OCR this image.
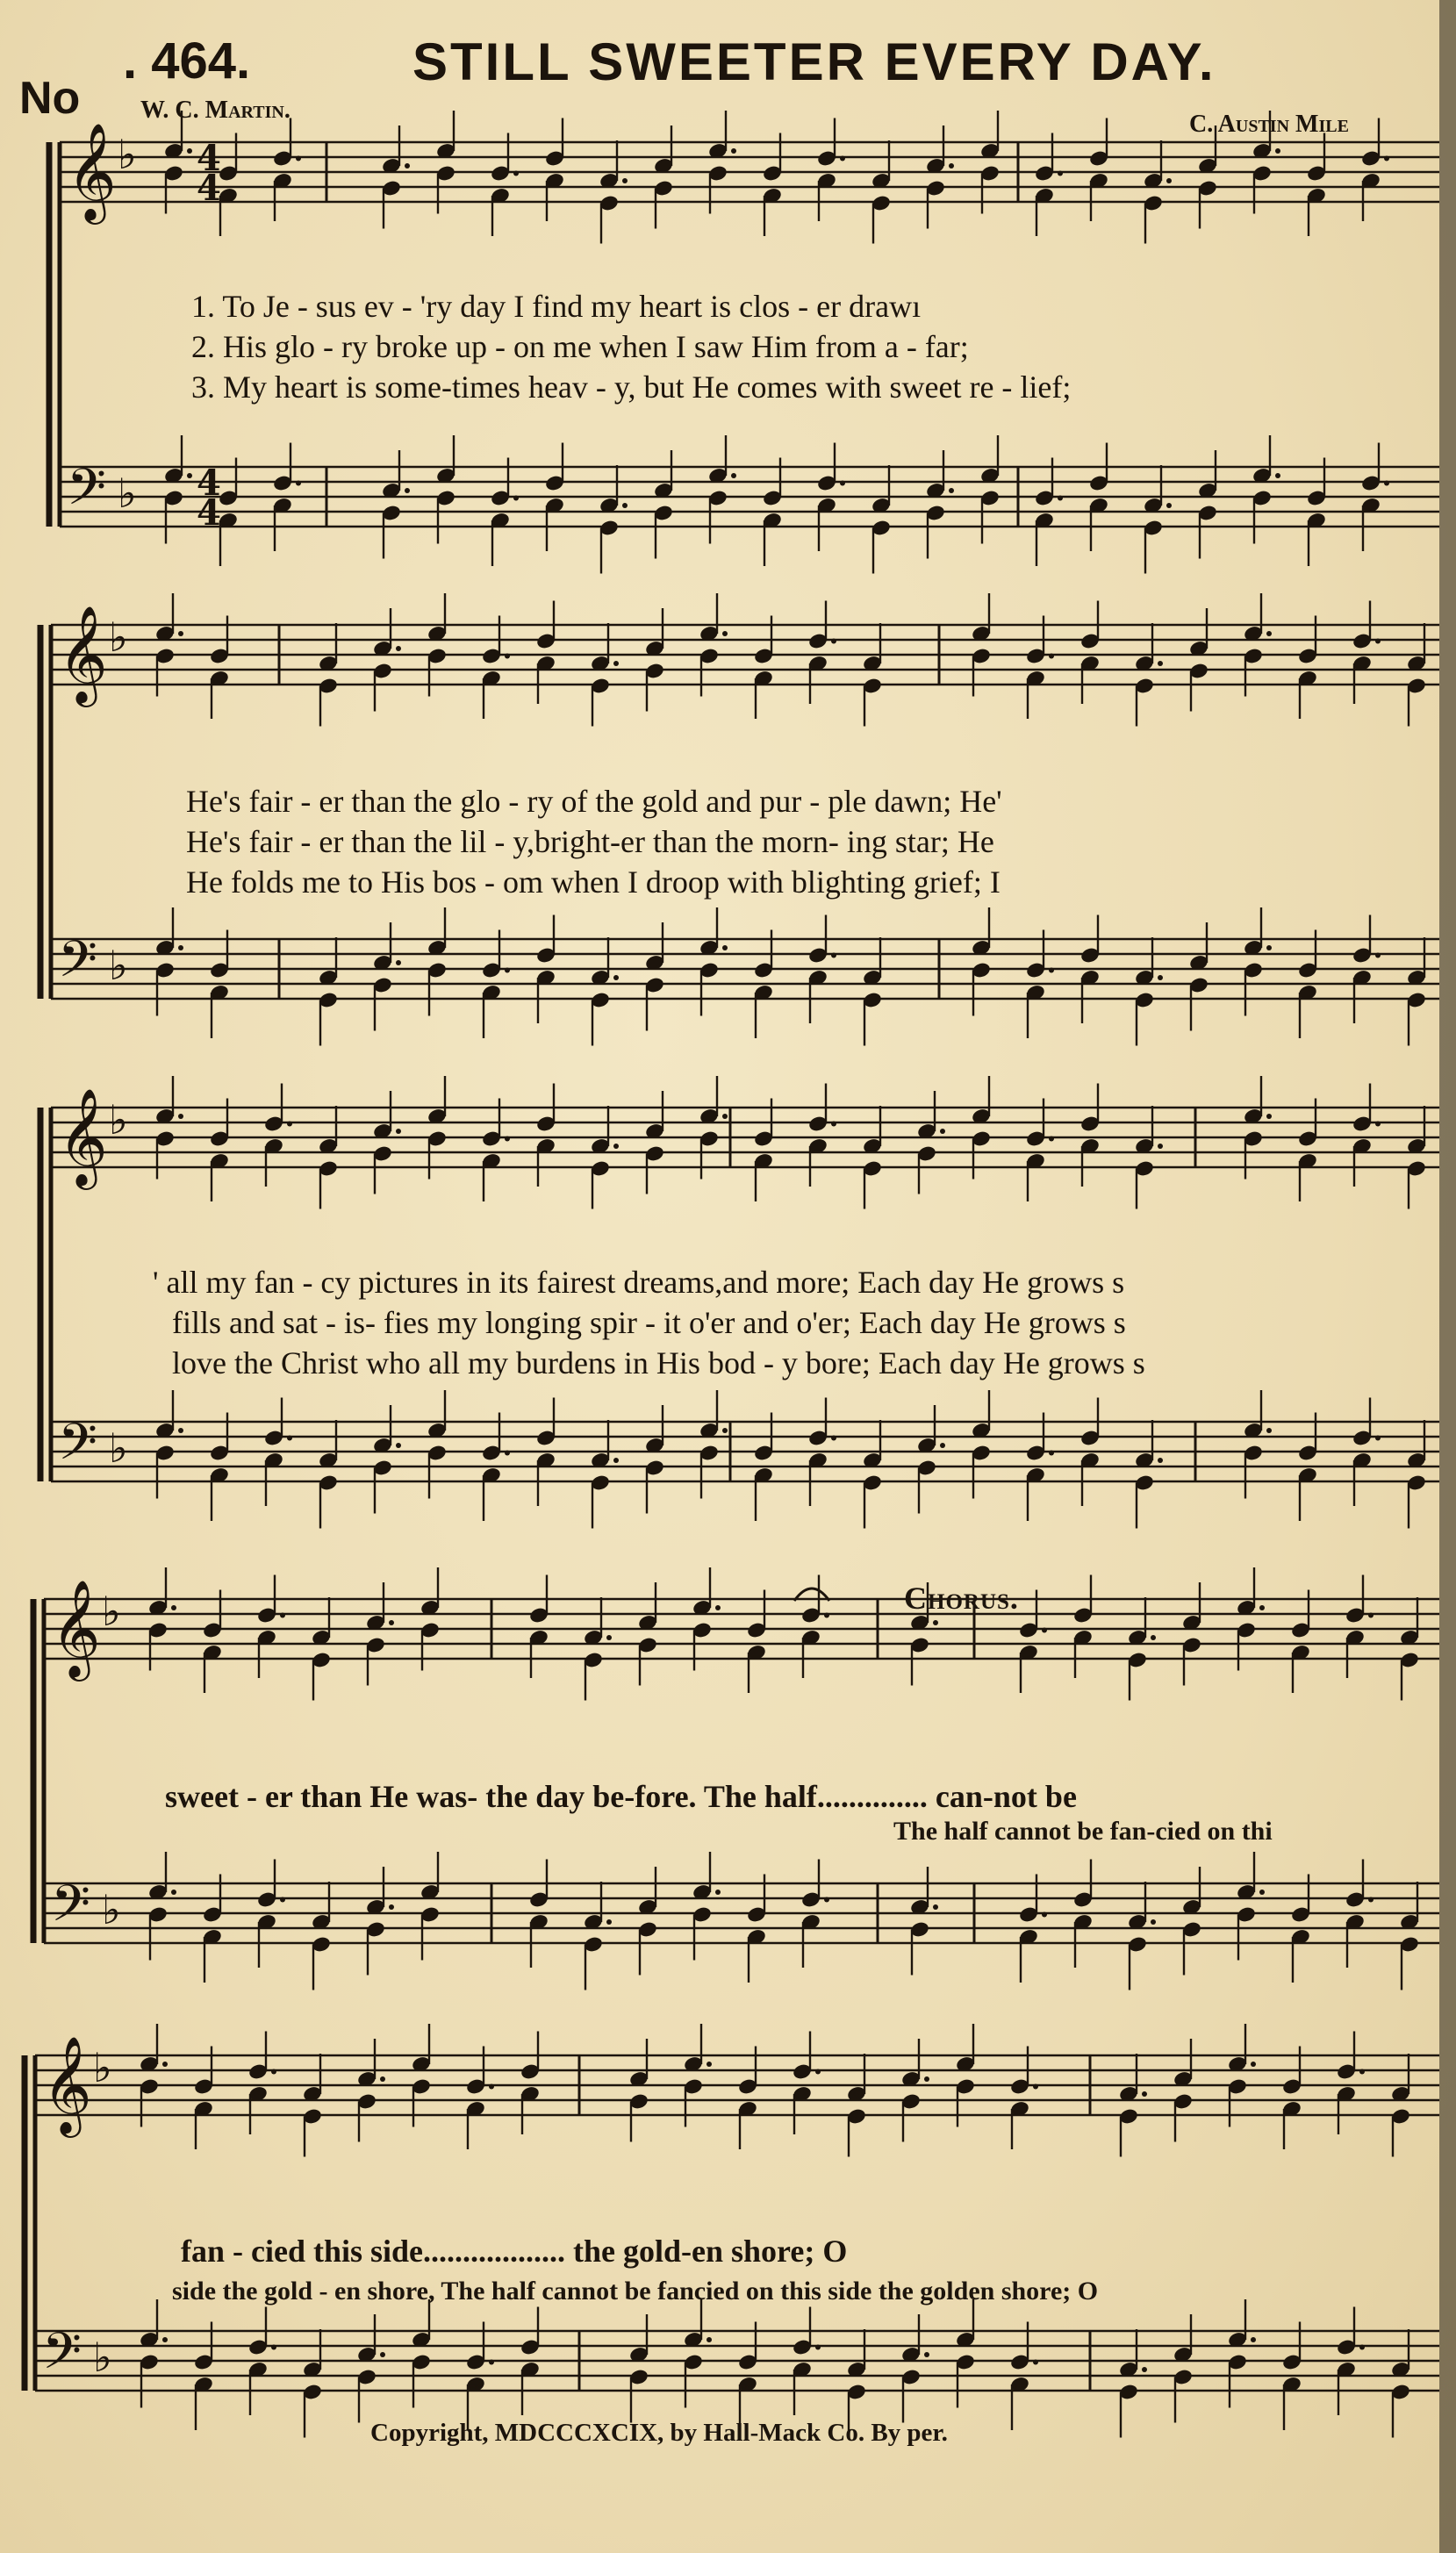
𝄞 ♭
𝄢 ♭
𝄞 ♭
𝄢 ♭
𝄞 ♭
𝄢 ♭
𝄞 ♭
𝄢 ♭
𝄞 ♭
𝄢 ♭
4
4
4
4
No
. 464.	STILL SWEETER EVERY DAY.
W. C. Martin.
C. Austin Mile
1. To Je - sus ev - 'ry day I find my heart is clos - er drawı
2. His glo - ry broke up - on me when I saw Him from a - far;
3. My heart is some-times heav - y, but He comes with sweet re - lief;
He's fair - er than the glo - ry of the gold and pur - ple dawn; He'
He's fair - er than the lil - y,bright-er than the morn- ing star; He
He folds me to His bos - om when I droop with blighting grief; I
' all my fan - cy pictures in its fairest dreams,and more; Each day He grows s
fills and sat - is- fies my longing spir - it o'er and o'er; Each day He grows s
love the Christ who all my burdens in His bod - y bore; Each day He grows s
Chorus.
sweet - er than He was- the day be-fore. The half.............. can-not be
The half cannot be fan-cied on thi
fan - cied this side.................. the gold-en shore; O
side the gold - en shore, The half cannot be fancied on this side the golden shore; O
Copyright, MDCCCXCIX, by Hall-Mack Co. By per.
